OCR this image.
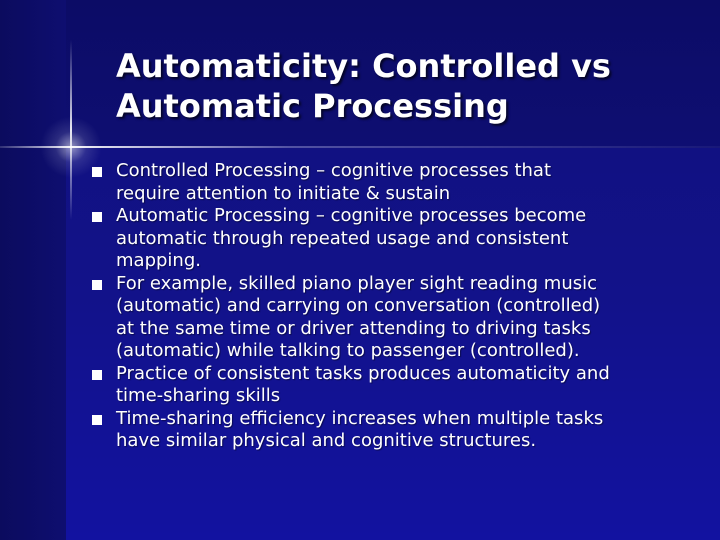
Automaticity: Controlled vs
Automatic Processing
Controlled Processing – cognitive processes that
require attention to initiate & sustain
Automatic Processing – cognitive processes become
automatic through repeated usage and consistent
mapping.
For example, skilled piano player sight reading music
(automatic) and carrying on conversation (controlled)
at the same time or driver attending to driving tasks
(automatic) while talking to passenger (controlled).
Practice of consistent tasks produces automaticity and
time-sharing skills
Time-sharing efficiency increases when multiple tasks
have similar physical and cognitive structures.
